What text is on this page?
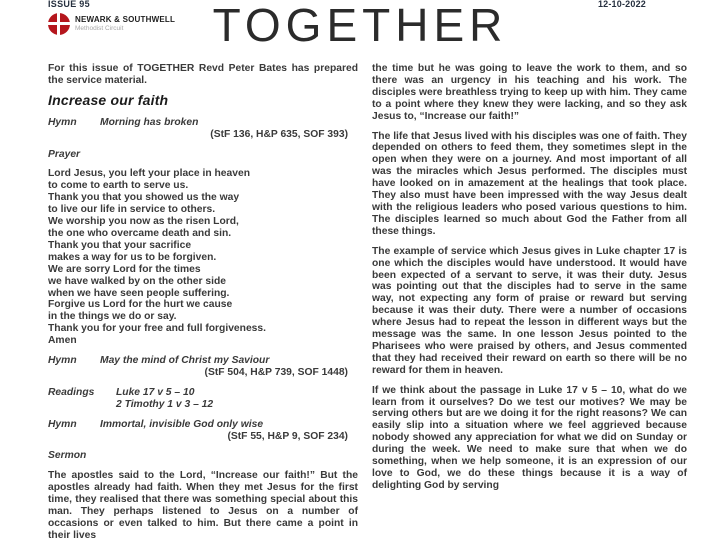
ISSUE 95	12-10-2022
NEWARK & SOUTHWELL
Methodist Circuit	TOGETHER

For this issue of TOGETHER Revd Peter Bates has prepared the service material.

Increase our faith
Hymn	Morning has broken
(StF 136, H&P 635, SOF 393)
Prayer
Lord Jesus, you left your place in heaven
to come to earth to serve us.
Thank you that you showed us the way
to live our life in service to others.
We worship you now as the risen Lord,
the one who overcame death and sin.
Thank you that your sacrifice
makes a way for us to be forgiven.
We are sorry Lord for the times
we have walked by on the other side
when we have seen people suffering.
Forgive us Lord for the hurt we cause
in the things we do or say.
Thank you for your free and full forgiveness.
Amen
Hymn	May the mind of Christ my Saviour
(StF 504, H&P 739, SOF 1448)
Readings	Luke 17 v 5 – 10
2 Timothy 1 v 3 – 12
Hymn	Immortal, invisible God only wise
(StF 55, H&P 9, SOF 234)
Sermon

The apostles said to the Lord, “Increase our faith!” But the apostles already had faith. When they met Jesus for the first time, they realised that there was something special about this man. They perhaps listened to Jesus on a number of occasions or even talked to him. But there came a point in their lives

the time but he was going to leave the work to them, and so there was an urgency in his teaching and his work. The disciples were breathless trying to keep up with him. They came to a point where they knew they were lacking, and so they ask Jesus to, “Increase our faith!”

The life that Jesus lived with his disciples was one of faith. They depended on others to feed them, they sometimes slept in the open when they were on a journey. And most important of all was the miracles which Jesus performed. The disciples must have looked on in amazement at the healings that took place. They also must have been impressed with the way Jesus dealt with the religious leaders who posed various questions to him. The disciples learned so much about God the Father from all these things.

The example of service which Jesus gives in Luke chapter 17 is one which the disciples would have understood. It would have been expected of a servant to serve, it was their duty. Jesus was pointing out that the disciples had to serve in the same way, not expecting any form of praise or reward but serving because it was their duty. There were a number of occasions where Jesus had to repeat the lesson in different ways but the message was the same. In one lesson Jesus pointed to the Pharisees who were praised by others, and Jesus commented that they had received their reward on earth so there will be no reward for them in heaven.

If we think about the passage in Luke 17 v 5 – 10, what do we learn from it ourselves? Do we test our motives? We may be serving others but are we doing it for the right reasons? We can easily slip into a situation where we feel aggrieved because nobody showed any appreciation for what we did on Sunday or during the week. We need to make sure that when we do something, when we help someone, it is an expression of our love to God, we do these things because it is a way of delighting God by serving
